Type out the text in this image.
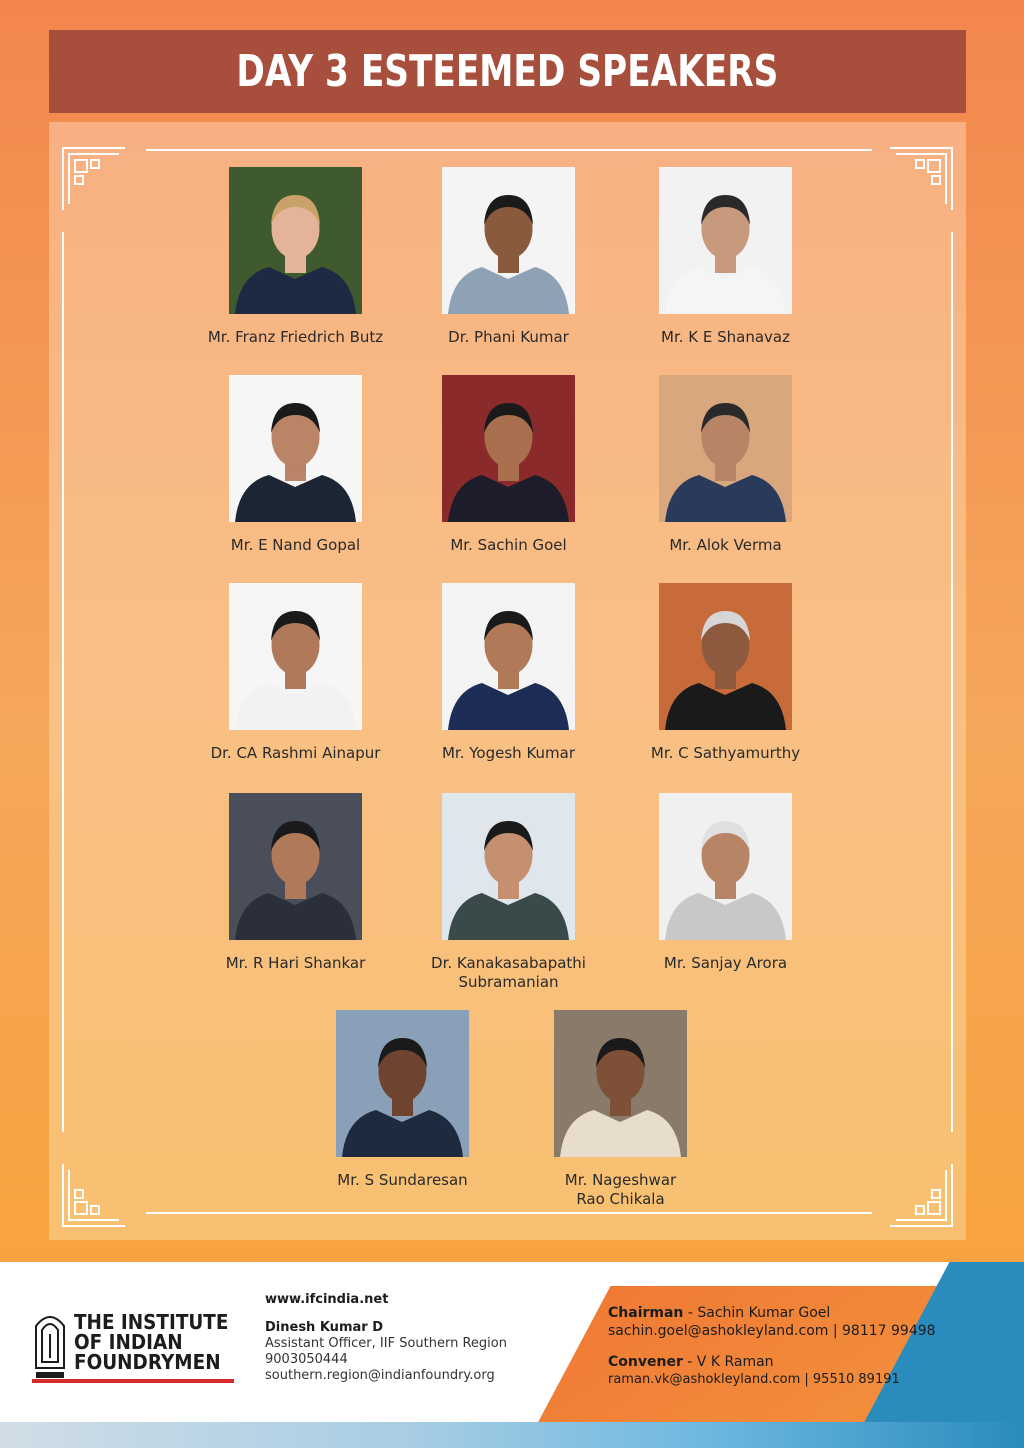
DAY 3 ESTEEMED SPEAKERS
Mr. Franz Friedrich Butz	Dr. Phani Kumar	Mr. K E Shanavaz
Mr. E Nand Gopal	Mr. Sachin Goel	Mr. Alok Verma
Dr. CA Rashmi Ainapur	Mr. Yogesh Kumar	Mr. C Sathyamurthy
Mr. R Hari Shankar	Dr. Kanakasabapathi
Subramanian
Mr. Sanjay Arora
Mr. S Sundaresan	Mr. Nageshwar
Rao Chikala
THE INSTITUTE
OF INDIAN
FOUNDRYMEN
www.ifcindia.net
Dinesh Kumar D
Assistant Officer, IIF Southern Region
9003050444
southern.region@indianfoundry.org
Chairman - Sachin Kumar Goel
sachin.goel@ashokleyland.com | 98117 99498
Convener - V K Raman
raman.vk@ashokleyland.com | 95510 89191
